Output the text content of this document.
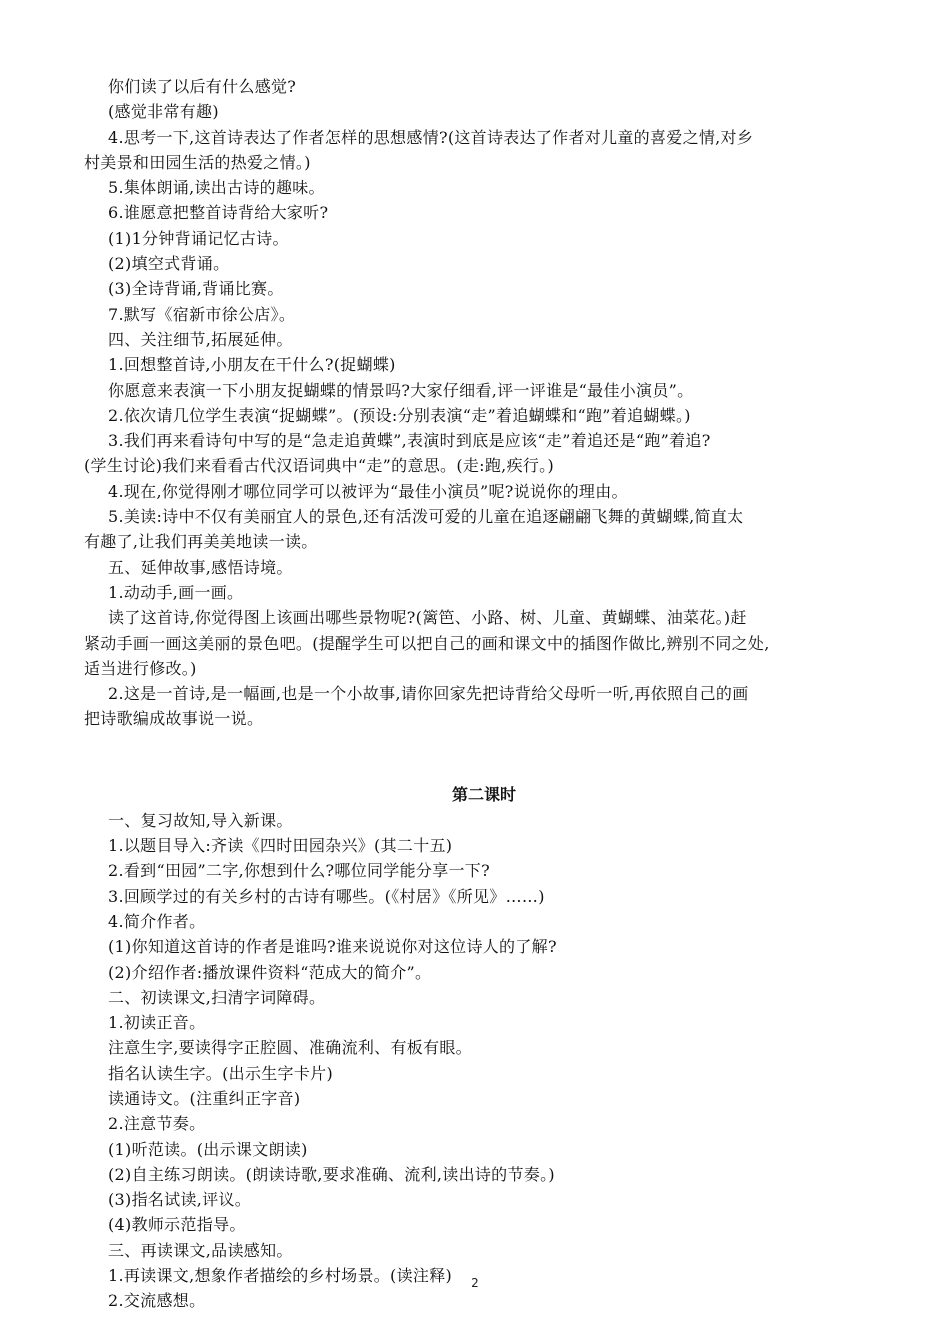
你们读了以后有什么感觉?
(感觉非常有趣)
4.思考一下,这首诗表达了作者怎样的思想感情?(这首诗表达了作者对儿童的喜爱之情,对乡
村美景和田园生活的热爱之情。)
5.集体朗诵,读出古诗的趣味。
6.谁愿意把整首诗背给大家听?
(1)1分钟背诵记忆古诗。
(2)填空式背诵。
(3)全诗背诵,背诵比赛。
7.默写《宿新市徐公店》。
四、关注细节,拓展延伸。
1.回想整首诗,小朋友在干什么?(捉蝴蝶)
你愿意来表演一下小朋友捉蝴蝶的情景吗?大家仔细看,评一评谁是“最佳小演员”。
2.依次请几位学生表演“捉蝴蝶”。(预设:分别表演“走”着追蝴蝶和“跑”着追蝴蝶。)
3.我们再来看诗句中写的是“急走追黄蝶”,表演时到底是应该“走”着追还是“跑”着追?
(学生讨论)我们来看看古代汉语词典中“走”的意思。(走:跑,疾行。)
4.现在,你觉得刚才哪位同学可以被评为“最佳小演员”呢?说说你的理由。
5.美读:诗中不仅有美丽宜人的景色,还有活泼可爱的儿童在追逐翩翩飞舞的黄蝴蝶,简直太
有趣了,让我们再美美地读一读。
五、延伸故事,感悟诗境。
1.动动手,画一画。
读了这首诗,你觉得图上该画出哪些景物呢?(篱笆、小路、树、儿童、黄蝴蝶、油菜花。)赶
紧动手画一画这美丽的景色吧。(提醒学生可以把自己的画和课文中的插图作做比,辨别不同之处,
适当进行修改。)
2.这是一首诗,是一幅画,也是一个小故事,请你回家先把诗背给父母听一听,再依照自己的画
把诗歌编成故事说一说。
第二课时
一、复习故知,导入新课。
1.以题目导入:齐读《四时田园杂兴》(其二十五)
2.看到“田园”二字,你想到什么?哪位同学能分享一下?
3.回顾学过的有关乡村的古诗有哪些。(《村居》《所见》……)
4.简介作者。
(1)你知道这首诗的作者是谁吗?谁来说说你对这位诗人的了解?
(2)介绍作者:播放课件资料“范成大的简介”。
二、初读课文,扫清字词障碍。
1.初读正音。
注意生字,要读得字正腔圆、准确流利、有板有眼。
指名认读生字。(出示生字卡片)
读通诗文。(注重纠正字音)
2.注意节奏。
(1)听范读。(出示课文朗读)
(2)自主练习朗读。(朗读诗歌,要求准确、流利,读出诗的节奏。)
(3)指名试读,评议。
(4)教师示范指导。
三、再读课文,品读感知。
1.再读课文,想象作者描绘的乡村场景。(读注释)
2.交流感想。
2
